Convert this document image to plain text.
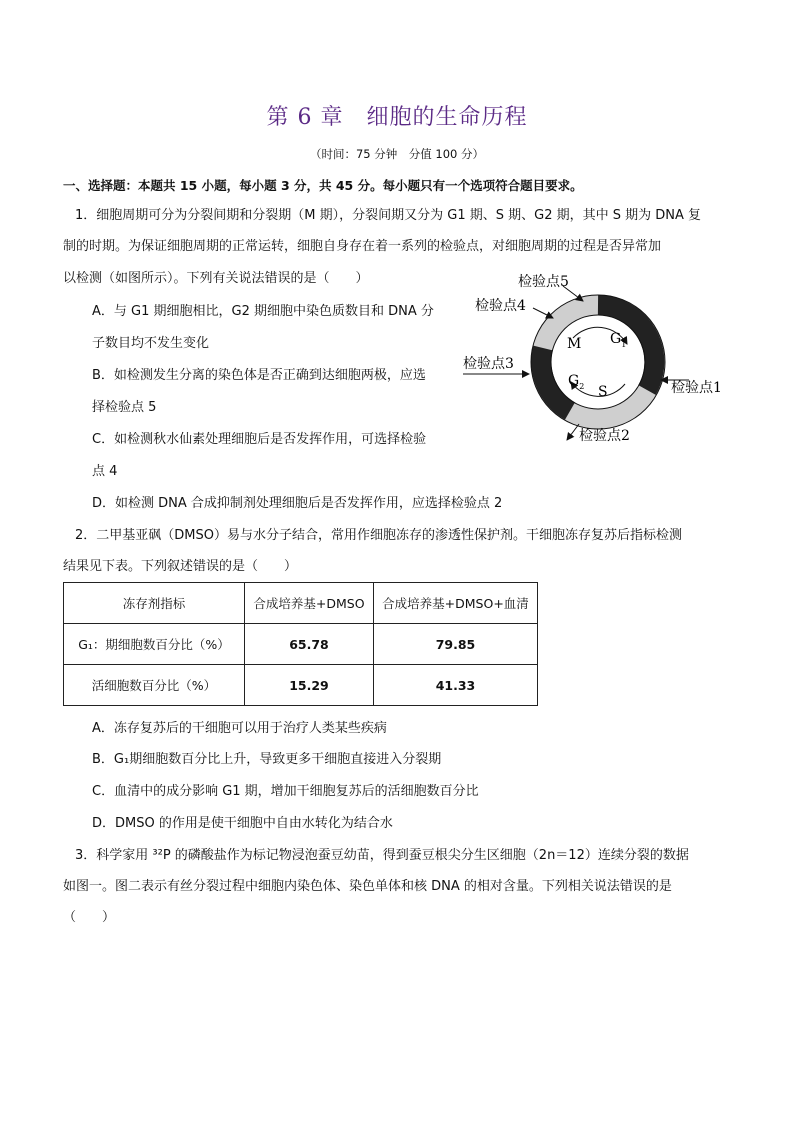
第 6 章　细胞的生命历程
（时间：75 分钟　分值 100 分）
一、选择题：本题共 15 小题，每小题 3 分，共 45 分。每小题只有一个选项符合题目要求。
1．细胞周期可分为分裂间期和分裂期（M 期），分裂间期又分为 G1 期、S 期、G2 期，其中 S 期为 DNA 复
制的时期。为保证细胞周期的正常运转，细胞自身存在着一系列的检验点，对细胞周期的过程是否异常加
以检测（如图所示）。下列有关说法错误的是（　　）
A．与 G1 期细胞相比，G2 期细胞中染色质数目和 DNA 分
子数目均不发生变化
B．如检测发生分离的染色体是否正确到达细胞两极，应选
择检验点 5
C．如检测秋水仙素处理细胞后是否发挥作用，可选择检验
点 4
D．如检测 DNA 合成抑制剂处理细胞后是否发挥作用，应选择检验点 2
M $G_1$
$G_2$ S
检验点5
检验点4
检验点3
检验点1
检验点2
2．二甲基亚砜（DMSO）易与水分子结合，常用作细胞冻存的渗透性保护剂。干细胞冻存复苏后指标检测
结果见下表。下列叙述错误的是（　　）
冻存剂指标	合成培养基+DMSO	合成培养基+DMSO+血清
G₁：期细胞数百分比（%）	65.78	79.85
活细胞数百分比（%）	15.29	41.33
A．冻存复苏后的干细胞可以用于治疗人类某些疾病
B．G₁期细胞数百分比上升，导致更多干细胞直接进入分裂期
C．血清中的成分影响 G1 期，增加干细胞复苏后的活细胞数百分比
D．DMSO 的作用是使干细胞中自由水转化为结合水
3．科学家用 ³²P 的磷酸盐作为标记物浸泡蚕豆幼苗，得到蚕豆根尖分生区细胞（2n＝12）连续分裂的数据
如图一。图二表示有丝分裂过程中细胞内染色体、染色单体和核 DNA 的相对含量。下列相关说法错误的是
（　　）
